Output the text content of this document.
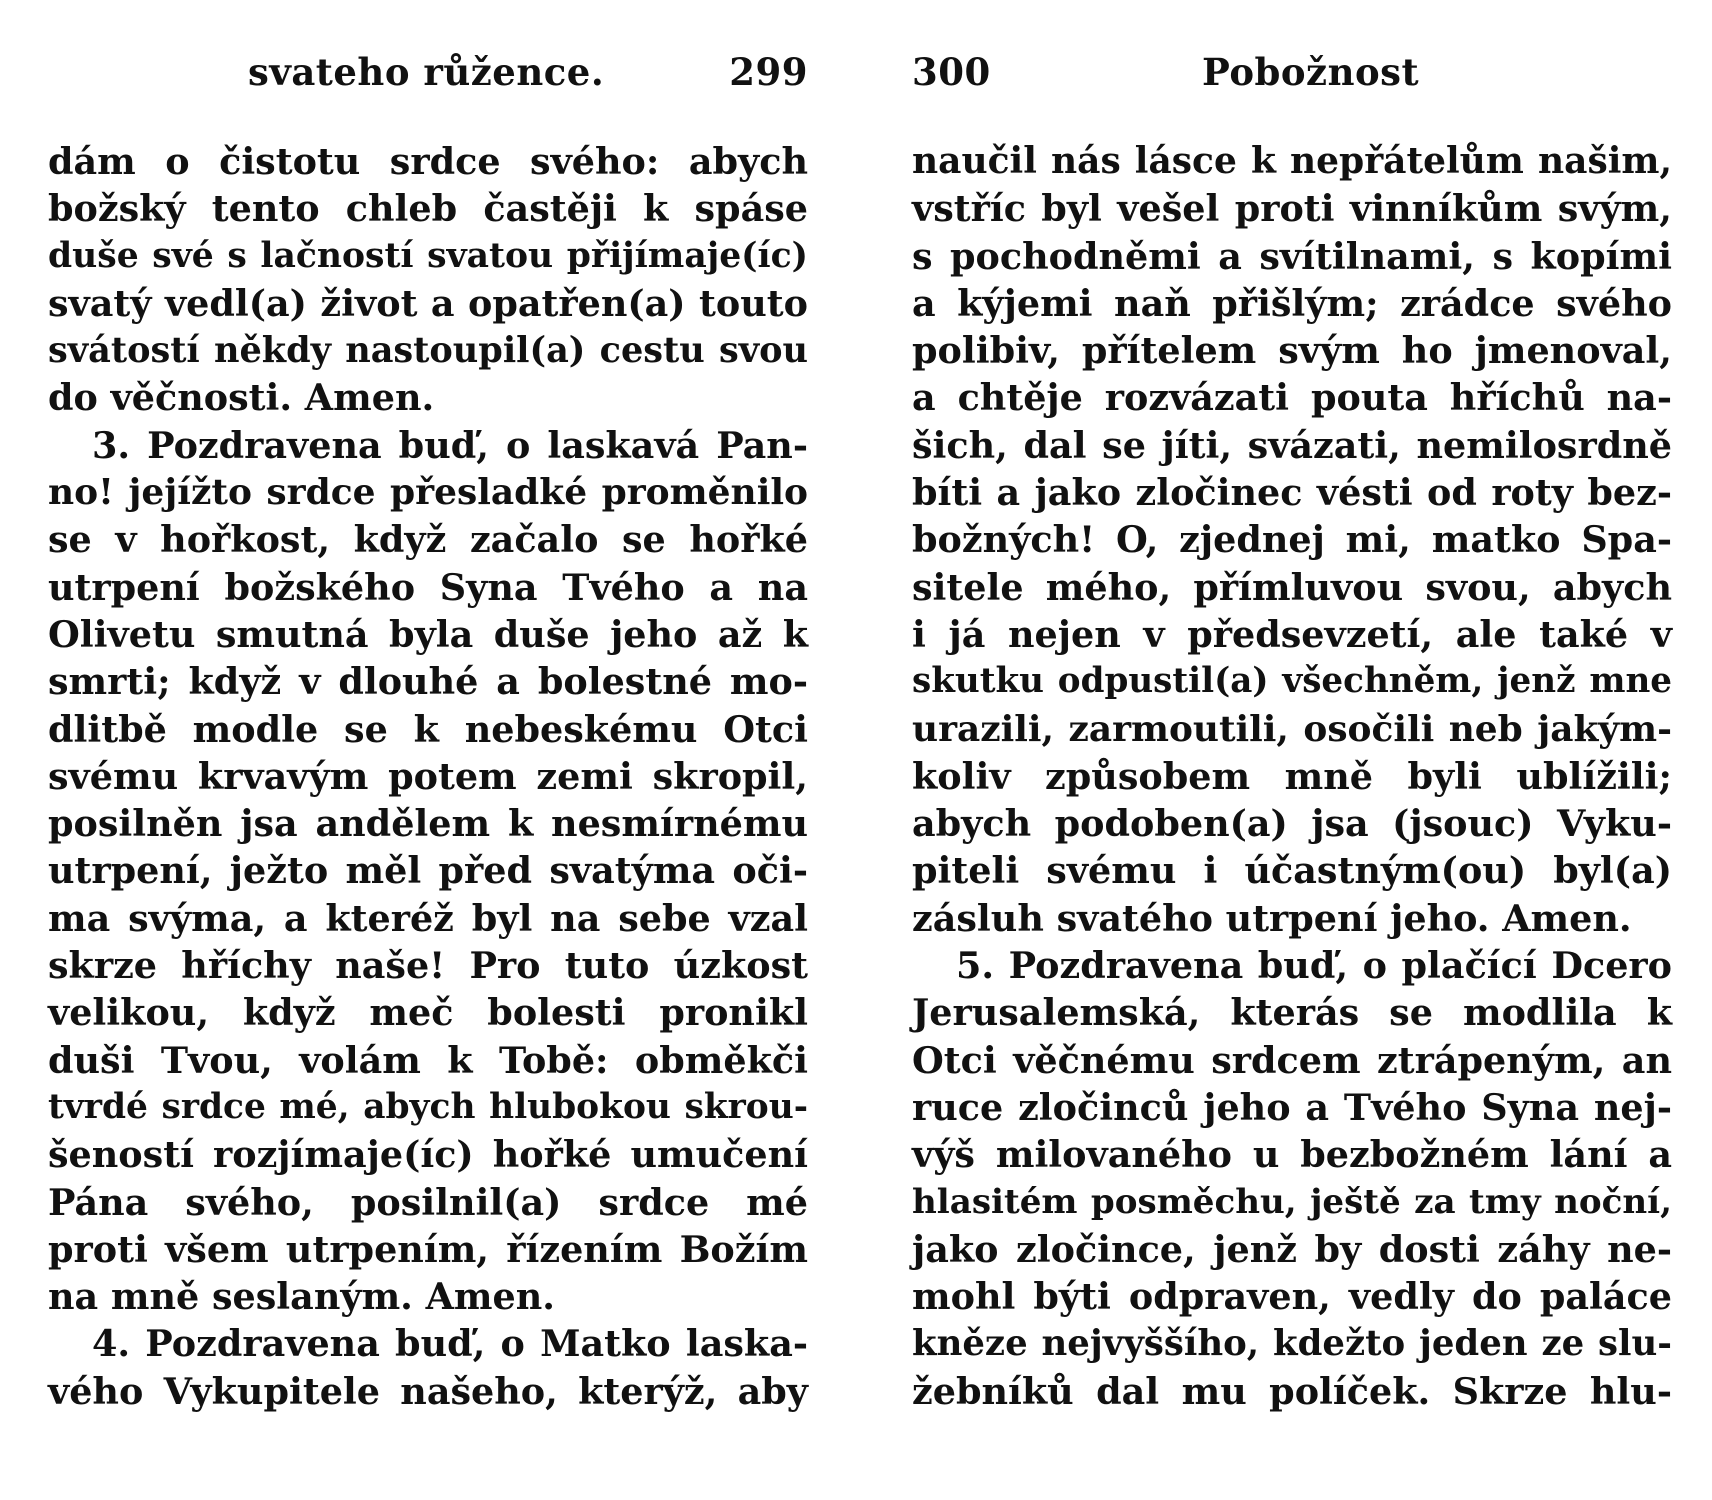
svateho růžence.	299
dám o čistotu srdce svého: abych
božský tento chleb častěji k spáse
duše své s lačností svatou přijímaje(íc)
svatý vedl(a) život a opatřen(a) touto
svátostí někdy nastoupil(a) cestu svou
do věčnosti. Amen.
3. Pozdravena buď, o laskavá Pan-
no! jejížto srdce přesladké proměnilo
se v hořkost, když začalo se hořké
utrpení božského Syna Tvého a na
Olivetu smutná byla duše jeho až k
smrti; když v dlouhé a bolestné mo-
dlitbě modle se k nebeskému Otci
svému krvavým potem zemi skropil,
posilněn jsa andělem k nesmírnému
utrpení, ježto měl před svatýma oči-
ma svýma, a kteréž byl na sebe vzal
skrze hříchy naše! Pro tuto úzkost
velikou, když meč bolesti pronikl
duši Tvou, volám k Tobě: obměkči
tvrdé srdce mé, abych hlubokou skrou-
šeností rozjímaje(íc) hořké umučení
Pána svého, posilnil(a) srdce mé
proti všem utrpením, řízením Božím
na mně seslaným. Amen.
4. Pozdravena buď, o Matko laska-
vého Vykupitele našeho, kterýž, aby
300	Pobožnost
naučil nás lásce k nepřátelům našim,
vstříc byl vešel proti vinníkům svým,
s pochodněmi a svítilnami, s kopími
a kýjemi naň přišlým; zrádce svého
polibiv, přítelem svým ho jmenoval,
a chtěje rozvázati pouta hříchů na-
šich, dal se jíti, svázati, nemilosrdně
bíti a jako zločinec vésti od roty bez-
božných! O, zjednej mi, matko Spa-
sitele mého, přímluvou svou, abych
i já nejen v předsevzetí, ale také v
skutku odpustil(a) všechněm, jenž mne
urazili, zarmoutili, osočili neb jakým-
koliv způsobem mně byli ublížili;
abych podoben(a) jsa (jsouc) Vyku-
piteli svému i účastným(ou) byl(a)
zásluh svatého utrpení jeho. Amen.
5. Pozdravena buď, o plačící Dcero
Jerusalemská, kterás se modlila k
Otci věčnému srdcem ztrápeným, an
ruce zločinců jeho a Tvého Syna nej-
výš milovaného u bezbožném lání a
hlasitém posměchu, ještě za tmy noční,
jako zločince, jenž by dosti záhy ne-
mohl býti odpraven, vedly do paláce
kněze nejvyššího, kdežto jeden ze slu-
žebníků dal mu políček. Skrze hlu-
